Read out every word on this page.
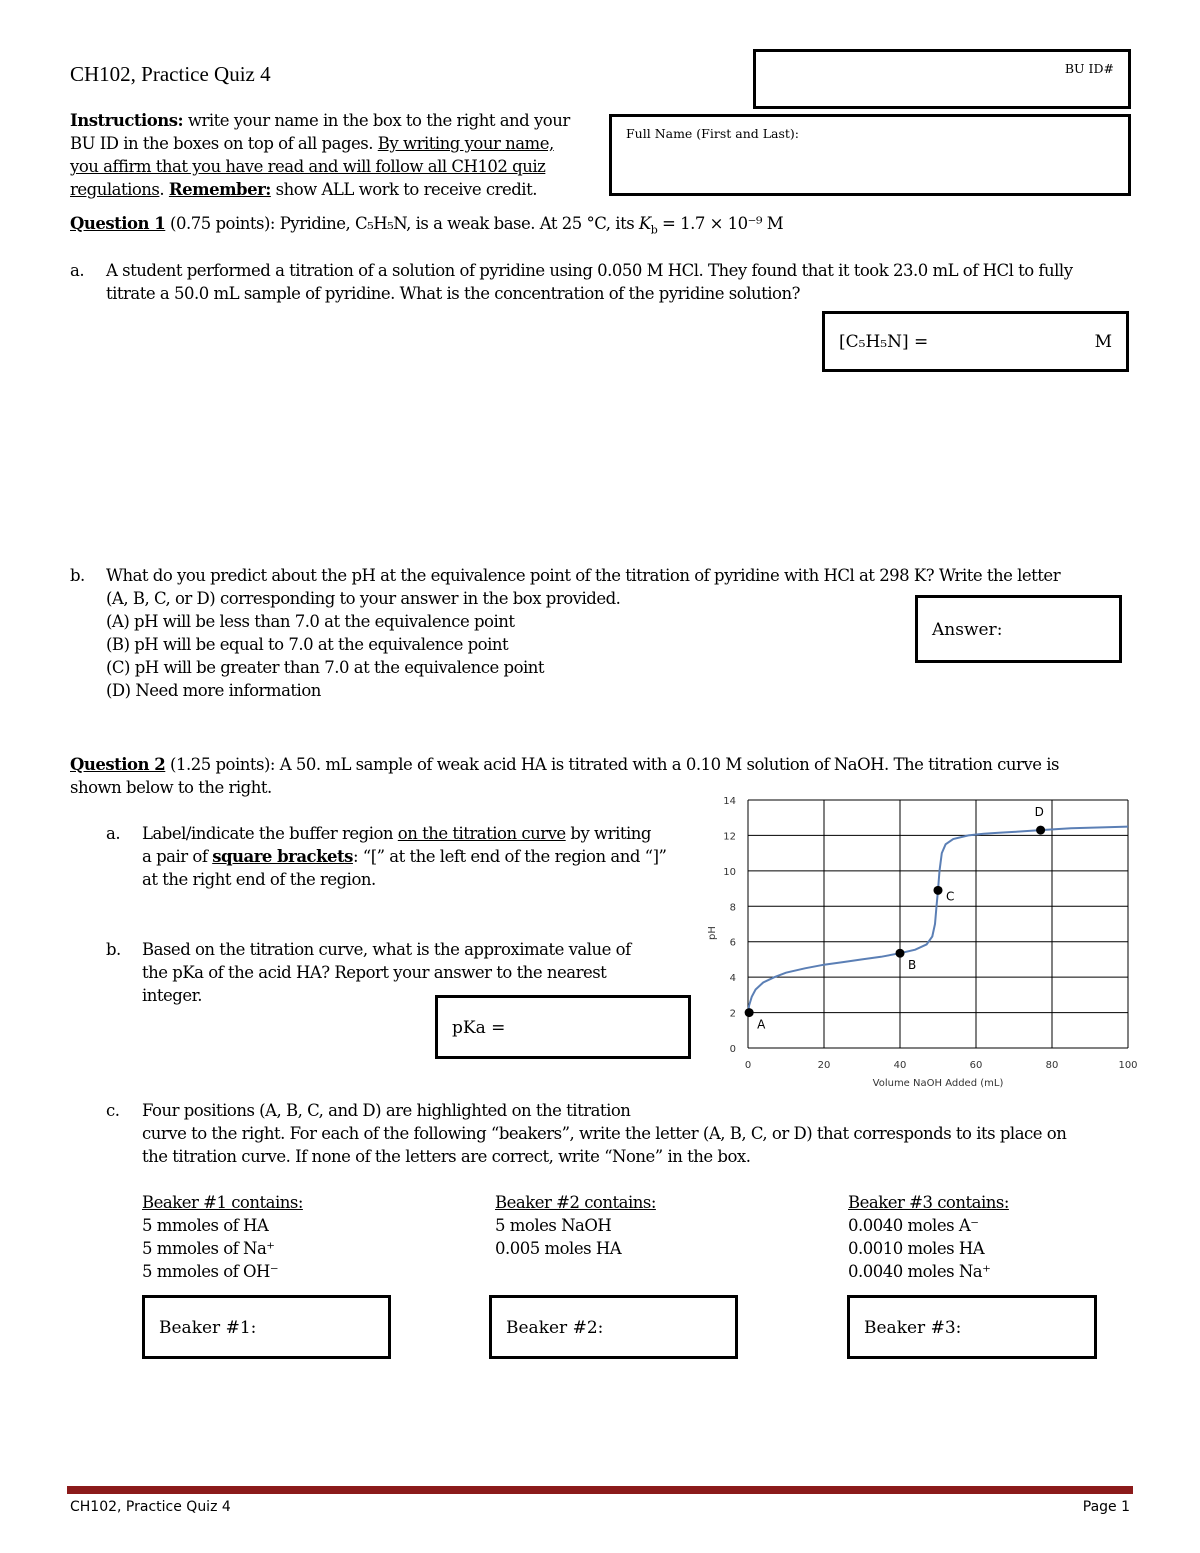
CH102, Practice Quiz 4	BU ID#
Full Name (First and Last):
Instructions: write your name in the box to the right and your
BU ID in the boxes on top of all pages. By writing your name,
you affirm that you have read and will follow all CH102 quiz
regulations. Remember: show ALL work to receive credit.
Question 1 (0.75 points): Pyridine, C₅H₅N, is a weak base. At 25 °C, its $K_b = 1.7 \times 10^{-9}$ M
a. A student performed a titration of a solution of pyridine using 0.050 M HCl. They found that it took 23.0 mL of HCl to fully
titrate a 50.0 mL sample of pyridine. What is the concentration of the pyridine solution?
[C₅H₅N] =	M
b. What do you predict about the pH at the equivalence point of the titration of pyridine with HCl at 298 K? Write the letter
(A, B, C, or D) corresponding to your answer in the box provided.
(A) pH will be less than 7.0 at the equivalence point
(B) pH will be equal to 7.0 at the equivalence point
(C) pH will be greater than 7.0 at the equivalence point
(D) Need more information
Answer:
Question 2 (1.25 points): A 50. mL sample of weak acid HA is titrated with a 0.10 M solution of NaOH. The titration curve is
shown below to the right.
a. Label/indicate the buffer region on the titration curve by writing
a pair of square brackets: “[” at the left end of the region and “]”
at the right end of the region.
b. Based on the titration curve, what is the approximate value of
the pKa of the acid HA? Report your answer to the nearest
integer.
pKa =
0
2
4
6
8
10
12
14
0	20	40	60	80	100
A
B
C
D
pH
Volume NaOH Added (mL)
c. Four positions (A, B, C, and D) are highlighted on the titration
curve to the right. For each of the following “beakers”, write the letter (A, B, C, or D) that corresponds to its place on
the titration curve. If none of the letters are correct, write “None” in the box.
Beaker #1 contains:
5 mmoles of HA
5 mmoles of Na⁺
5 mmoles of OH⁻
Beaker #2 contains:
5 moles NaOH
0.005 moles HA
Beaker #3 contains:
0.0040 moles A⁻
0.0010 moles HA
0.0040 moles Na⁺
Beaker #1:	Beaker #2:	Beaker #3:
CH102, Practice Quiz 4	Page 1
